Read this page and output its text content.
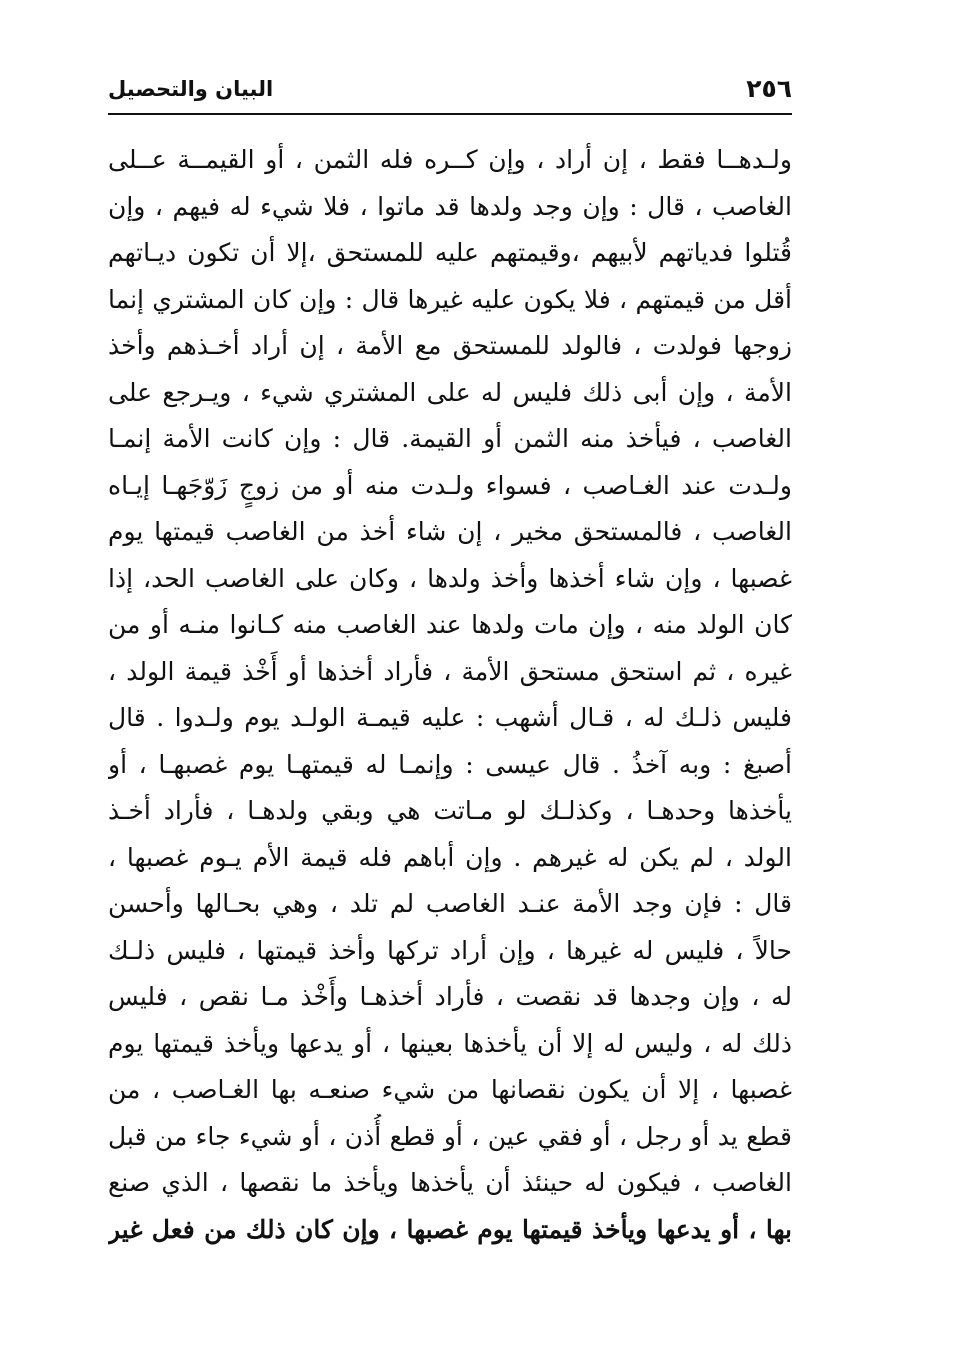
٢٥٦
البيان والتحصيل
ولـدهــا فقط ، إن أراد ، وإن كــره فله الثمن ، أو القيمــة عــلى
الغاصب ، قال : وإن وجد ولدها قد ماتوا ، فلا شيء له فيهم ، وإن
قُتلوا فدياتهم لأبيهم ،وقيمتهم عليه للمستحق ،إلا أن تكون ديـاتهم
أقل من قيمتهم ، فلا يكون عليه غيرها قال : وإن كان المشتري إنما
زوجها فولدت ، فالولد للمستحق مع الأمة ، إن أراد أخـذهم وأخذ
الأمة ، وإن أبى ذلك فليس له على المشتري شيء ، ويـرجع على
الغاصب ، فيأخذ منه الثمن أو القيمة. قال : وإن كانت الأمة إنمـا
ولـدت عند الغـاصب ، فسواء ولـدت منه أو من زوجٍ زَوّجَهـا إيـاه
الغاصب ، فالمستحق مخير ، إن شاء أخذ من الغاصب قيمتها يوم
غصبها ، وإن شاء أخذها وأخذ ولدها ، وكان على الغاصب الحد، إذا
كان الولد منه ، وإن مات ولدها عند الغاصب منه كـانوا منـه أو من
غيره ، ثم استحق مستحق الأمة ، فأراد أخذها أو أَخْذ قيمة الولد ،
فليس ذلـك له ، قـال أشهب : عليه قيمـة الولـد يوم ولـدوا . قال
أصبغ : وبه آخذُ . قال عيسى : وإنمـا له قيمتهـا يوم غصبهـا ، أو
يأخذها وحدهـا ، وكذلـك لو مـاتت هي وبقي ولدهـا ، فأراد أخـذ
الولد ، لم يكن له غيرهم . وإن أباهم فله قيمة الأم يـوم غصبها ،
قال : فإن وجد الأمة عنـد الغاصب لم تلد ، وهي بحـالها وأحسن
حالاً ، فليس له غيرها ، وإن أراد تركها وأخذ قيمتها ، فليس ذلـك
له ، وإن وجدها قد نقصت ، فأراد أخذهـا وأَخْذ مـا نقص ، فليس
ذلك له ، وليس له إلا أن يأخذها بعينها ، أو يدعها ويأخذ قيمتها يوم
غصبها ، إلا أن يكون نقصانها من شيء صنعـه بها الغـاصب ، من
قطع يد أو رجل ، أو فقي عين ، أو قطع أُذن ، أو شيء جاء من قبل
الغاصب ، فيكون له حينئذ أن يأخذها ويأخذ ما نقصها ، الذي صنع
بها ، أو يدعها ويأخذ قيمتها يوم غصبها ، وإن كان ذلك من فعل غير
